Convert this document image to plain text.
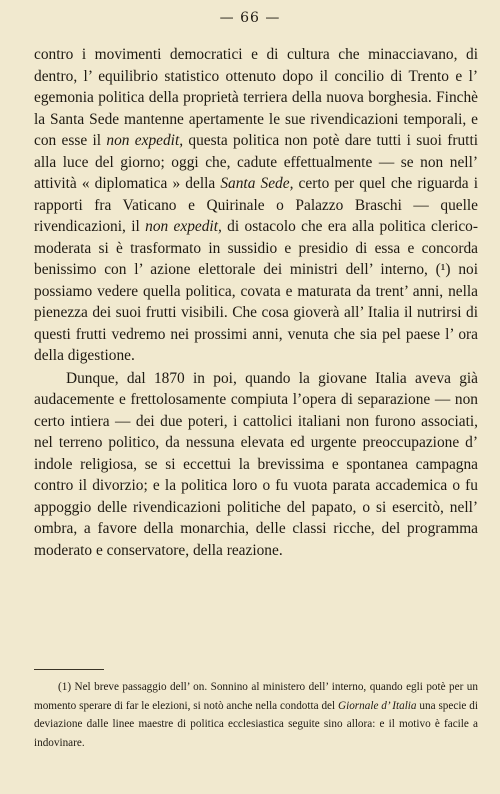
— 66 —

contro i movimenti democratici e di cultura che minacciavano, di dentro, l’ equilibrio statistico ottenuto dopo il concilio di Trento e l’ egemonia politica della proprietà terriera della nuova borghesia. Finchè la Santa Sede mantenne apertamente le sue rivendicazioni temporali, e con esse il non expedit, questa politica non potè dare tutti i suoi frutti alla luce del giorno; oggi che, cadute effettualmente — se non nell’ attività « diplomatica » della Santa Sede, certo per quel che riguarda i rapporti fra Vaticano e Quirinale o Palazzo Braschi — quelle rivendicazioni, il non expedit, di ostacolo che era alla politica clerico-moderata si è trasformato in sussidio e presidio di essa e concorda benissimo con l’ azione elettorale dei ministri dell’ interno, (¹) noi possiamo vedere quella politica, covata e maturata da trent’ anni, nella pienezza dei suoi frutti visibili. Che cosa gioverà all’ Italia il nutrirsi di questi frutti vedremo nei prossimi anni, venuta che sia pel paese l’ ora della digestione.

Dunque, dal 1870 in poi, quando la giovane Italia aveva già audacemente e frettolosamente compiuta l’opera di separazione — non certo intiera — dei due poteri, i cattolici italiani non furono associati, nel terreno politico, da nessuna elevata ed urgente preoccupazione d’ indole religiosa, se si eccettui la brevissima e spontanea campagna contro il divorzio; e la politica loro o fu vuota parata accademica o fu appoggio delle rivendicazioni politiche del papato, o si esercitò, nell’ ombra, a favore della monarchia, delle classi ricche, del programma moderato e conservatore, della reazione.

(1) Nel breve passaggio dell’ on. Sonnino al ministero dell’ interno, quando egli potè per un momento sperare di far le elezioni, si notò anche nella condotta del Giornale d’ Italia una specie di deviazione dalle linee maestre di politica ecclesiastica seguite sino allora: e il motivo è facile a indovinare.
